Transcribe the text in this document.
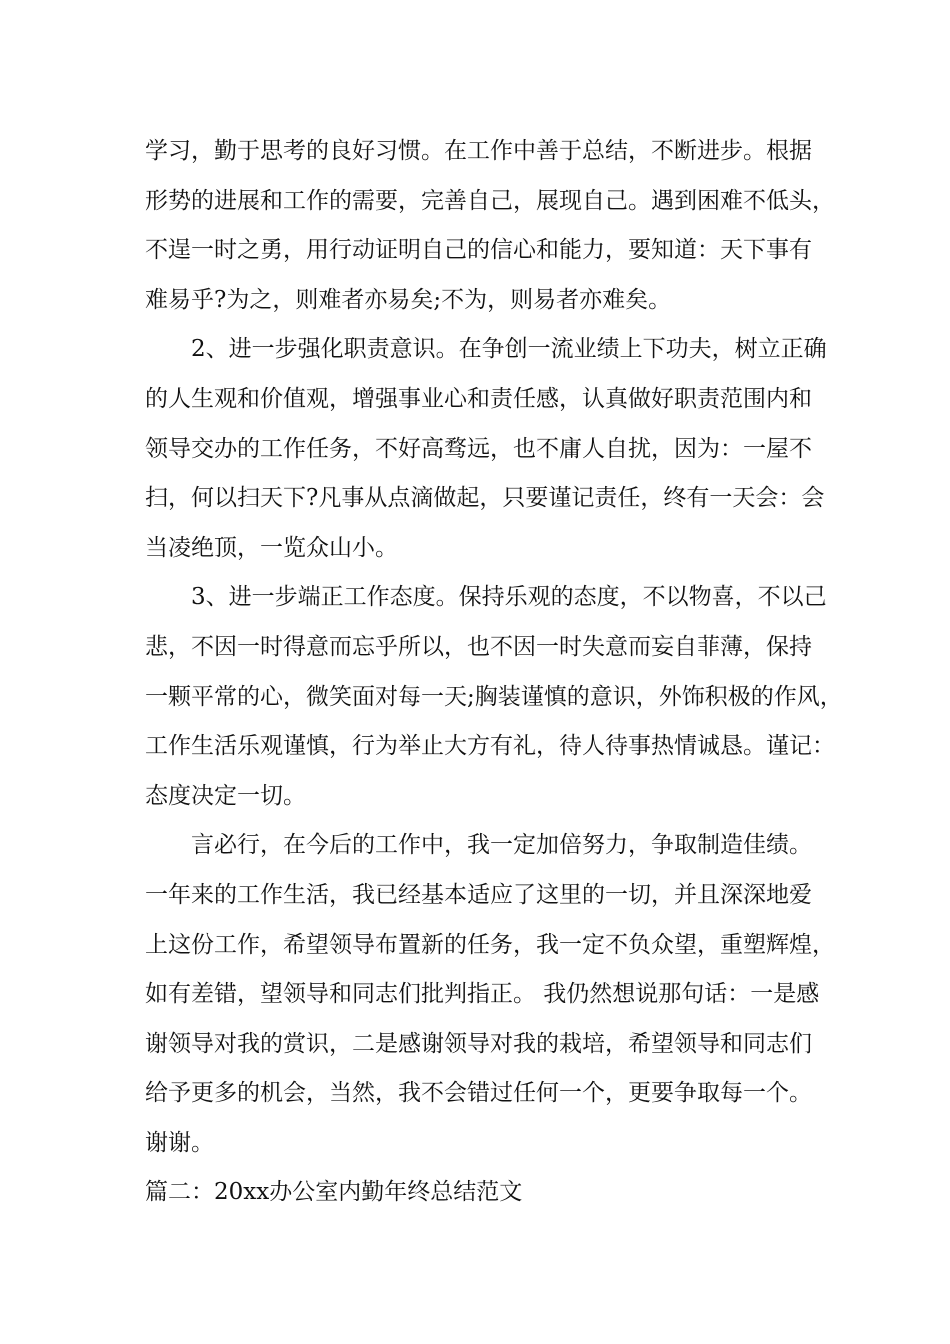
学习，勤于思考的良好习惯。在工作中善于总结，不断进步。根据
形势的进展和工作的需要，完善自己，展现自己。遇到困难不低头，
不逞一时之勇，用行动证明自己的信心和能力，要知道：天下事有
难易乎?为之，则难者亦易矣;不为，则易者亦难矣。
2、进一步强化职责意识。在争创一流业绩上下功夫，树立正确
的人生观和价值观，增强事业心和责任感，认真做好职责范围内和
领导交办的工作任务，不好高骛远，也不庸人自扰，因为：一屋不
扫，何以扫天下?凡事从点滴做起，只要谨记责任，终有一天会：会
当凌绝顶，一览众山小。
3、进一步端正工作态度。保持乐观的态度，不以物喜，不以己
悲，不因一时得意而忘乎所以，也不因一时失意而妄自菲薄，保持
一颗平常的心，微笑面对每一天;胸装谨慎的意识，外饰积极的作风，
工作生活乐观谨慎，行为举止大方有礼，待人待事热情诚恳。谨记：
态度决定一切。
言必行，在今后的工作中，我一定加倍努力，争取制造佳绩。
一年来的工作生活，我已经基本适应了这里的一切，并且深深地爱
上这份工作，希望领导布置新的任务，我一定不负众望，重塑辉煌，
如有差错，望领导和同志们批判指正。 我仍然想说那句话：一是感
谢领导对我的赏识，二是感谢领导对我的栽培，希望领导和同志们
给予更多的机会，当然，我不会错过任何一个，更要争取每一个。
谢谢。
篇二：20xx办公室内勤年终总结范文
